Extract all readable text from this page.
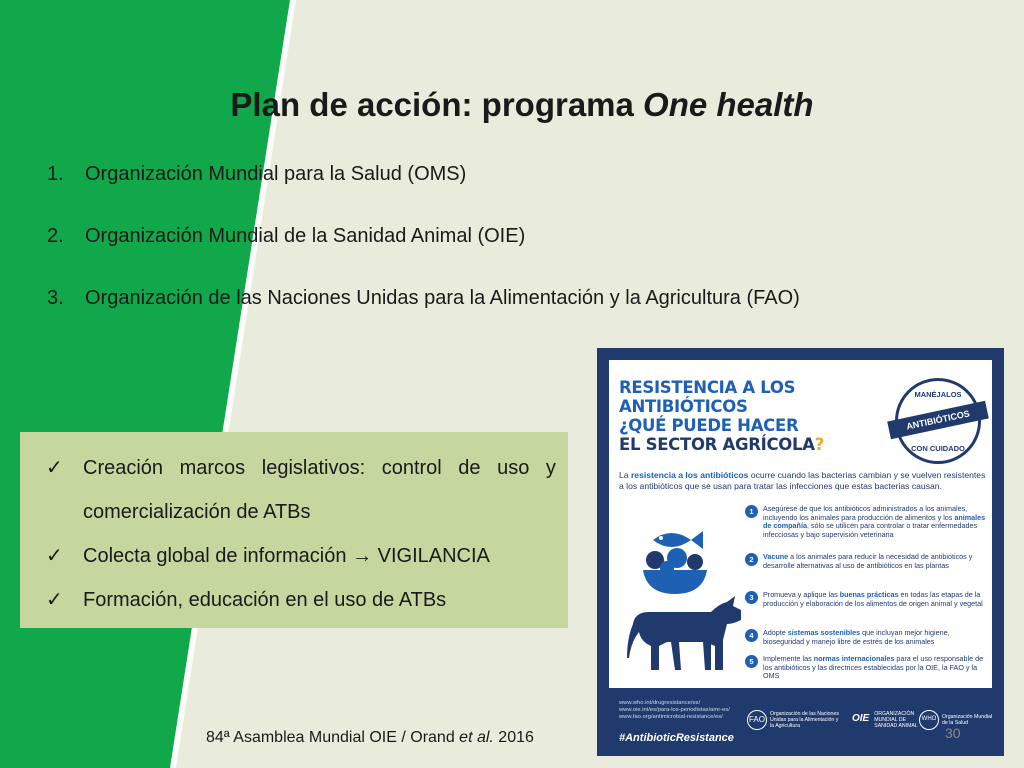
Plan de acción: programa One health
1.	Organización Mundial para la Salud (OMS)
2.	Organización Mundial de la Sanidad Animal (OIE)
3.	Organización de las Naciones Unidas para la Alimentación y la Agricultura (FAO)
✓ Creación marcos legislativos: control de uso y
comercialización de ATBs
✓ Colecta global de información → VIGILANCIA
✓ Formación, educación en el uso de ATBs
84ª Asamblea Mundial OIE / Orand et al. 2016
RESISTENCIA A LOS ANTIBIÓTICOS
¿QUÉ PUEDE HACER
EL SECTOR AGRÍCOLA?
MANÉJALOS
ANTIBIÓTICOS
CON CUIDADO
La resistencia a los antibióticos ocurre cuando las bacterias cambian y se vuelven resistentes a los antibióticos que se usan para tratar las infecciones que estas bacterias causan.
1	Asegúrese de que los antibióticos administrados a los animales, incluyendo los animales para producción de alimentos y los animales de compañía, sólo se utilicen para controlar o tratar enfermedades infecciosas y bajo supervisión veterinaria
2	Vacune a los animales para reducir la necesidad de antibióticos y desarrolle alternativas al uso de antibióticos en las plantas
3	Promueva y aplique las buenas prácticas en todas las etapas de la producción y elaboración de los alimentos de origen animal y vegetal
4	Adopte sistemas sostenibles que incluyan mejor higiene, bioseguridad y manejo libre de estrés de los animales
5	Implemente las normas internacionales para el uso responsable de los antibióticos y las directrices establecidas por la OIE, la FAO y la OMS
www.who.int/drugresistance/es/
www.oie.int/es/para-los-periodistas/amr-es/
www.fao.org/antimicrobial-resistance/es/
#AntibioticResistance
FAO
Organización de las Naciones Unidas para la Alimentación y la Agricultura
OIE ORGANIZACIÓN MUNDIAL DE SANIDAD ANIMAL
WHO	Organización Mundial de la Salud
30
